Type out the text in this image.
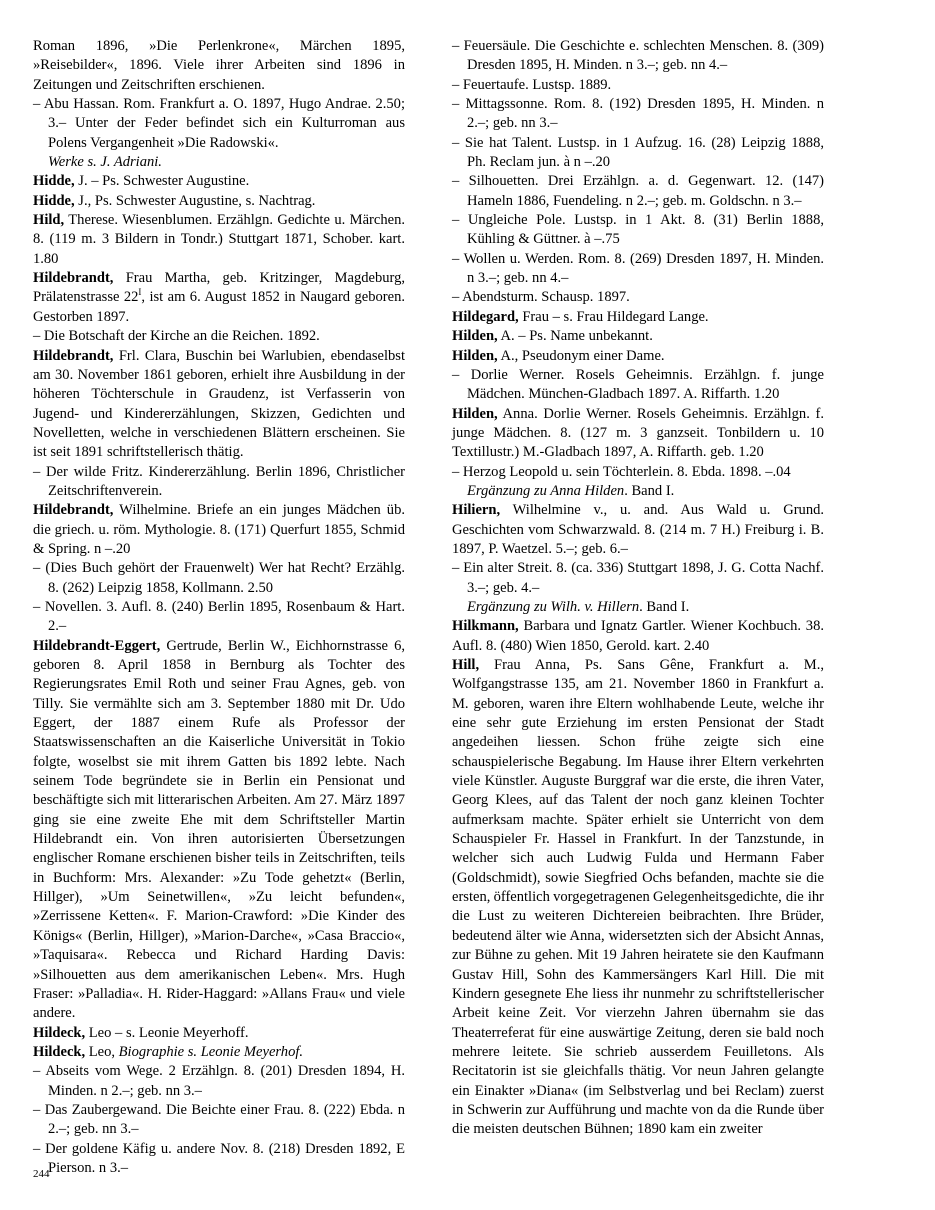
Roman 1896, »Die Perlenkrone«, Märchen 1895, »Reisebilder«, 1896. Viele ihrer Arbeiten sind 1896 in Zeitungen und Zeitschriften erschienen.

– Abu Hassan. Rom. Frankfurt a. O. 1897, Hugo Andrae. 2.50; 3.– Unter der Feder befindet sich ein Kulturroman aus Polens Vergangenheit »Die Radowski«.

Werke s. J. Adriani.

Hidde, J. – Ps. Schwester Augustine.

Hidde, J., Ps. Schwester Augustine, s. Nachtrag.

Hild, Therese. Wiesenblumen. Erzählgn. Gedichte u. Märchen. 8. (119 m. 3 Bildern in Tondr.) Stuttgart 1871, Schober. kart. 1.80

Hildebrandt, Frau Martha, geb. Kritzinger, Magdeburg, Prälatenstrasse $22^I$, ist am 6. August 1852 in Naugard geboren. Gestorben 1897.

– Die Botschaft der Kirche an die Reichen. 1892.

Hildebrandt, Frl. Clara, Buschin bei Warlubien, ebendaselbst am 30. November 1861 geboren, erhielt ihre Ausbildung in der höheren Töchterschule in Graudenz, ist Verfasserin von Jugend- und Kindererzählungen, Skizzen, Gedichten und Novelletten, welche in verschiedenen Blättern erscheinen. Sie ist seit 1891 schriftstellerisch thätig.

– Der wilde Fritz. Kindererzählung. Berlin 1896, Christlicher Zeitschriftenverein.

Hildebrandt, Wilhelmine. Briefe an ein junges Mädchen üb. die griech. u. röm. Mythologie. 8. (171) Querfurt 1855, Schmid & Spring. n –.20

– (Dies Buch gehört der Frauenwelt) Wer hat Recht? Erzählg. 8. (262) Leipzig 1858, Kollmann. 2.50

– Novellen. 3. Aufl. 8. (240) Berlin 1895, Rosenbaum & Hart. 2.–

Hildebrandt-Eggert, Gertrude, Berlin W., Eichhornstrasse 6, geboren 8. April 1858 in Bernburg als Tochter des Regierungsrates Emil Roth und seiner Frau Agnes, geb. von Tilly. Sie vermählte sich am 3. September 1880 mit Dr. Udo Eggert, der 1887 einem Rufe als Professor der Staatswissenschaften an die Kaiserliche Universität in Tokio folgte, woselbst sie mit ihrem Gatten bis 1892 lebte. Nach seinem Tode begründete sie in Berlin ein Pensionat und beschäftigte sich mit litterarischen Arbeiten. Am 27. März 1897 ging sie eine zweite Ehe mit dem Schriftsteller Martin Hildebrandt ein. Von ihren autorisierten Übersetzungen englischer Romane erschienen bisher teils in Zeitschriften, teils in Buchform: Mrs. Alexander: »Zu Tode gehetzt« (Berlin, Hillger), »Um Seinetwillen«, »Zu leicht befunden«, »Zerrissene Ketten«. F. Marion-Crawford: »Die Kinder des Königs« (Berlin, Hillger), »Marion-Darche«, »Casa Braccio«, »Taquisara«. Rebecca und Richard Harding Davis: »Silhouetten aus dem amerikanischen Leben«. Mrs. Hugh Fraser: »Palladia«. H. Rider-Haggard: »Allans Frau« und viele andere.

Hildeck, Leo – s. Leonie Meyerhoff.

Hildeck, Leo, Biographie s. Leonie Meyerhof.

– Abseits vom Wege. 2 Erzählgn. 8. (201) Dresden 1894, H. Minden. n 2.–; geb. nn 3.–

– Das Zaubergewand. Die Beichte einer Frau. 8. (222) Ebda. n 2.–; geb. nn 3.–

– Der goldene Käfig u. andere Nov. 8. (218) Dresden 1892, E Pierson. n 3.–

– Feuersäule. Die Geschichte e. schlechten Menschen. 8. (309) Dresden 1895, H. Minden. n 3.–; geb. nn 4.–

– Feuertaufe. Lustsp. 1889.

– Mittagssonne. Rom. 8. (192) Dresden 1895, H. Minden. n 2.–; geb. nn 3.–

– Sie hat Talent. Lustsp. in 1 Aufzug. 16. (28) Leipzig 1888, Ph. Reclam jun. à n –.20

– Silhouetten. Drei Erzählgn. a. d. Gegenwart. 12. (147) Hameln 1886, Fuendeling. n 2.–; geb. m. Goldschn. n 3.–

– Ungleiche Pole. Lustsp. in 1 Akt. 8. (31) Berlin 1888, Kühling & Güttner. à –.75

– Wollen u. Werden. Rom. 8. (269) Dresden 1897, H. Minden. n 3.–; geb. nn 4.–

– Abendsturm. Schausp. 1897.

Hildegard, Frau – s. Frau Hildegard Lange.

Hilden, A. – Ps. Name unbekannt.

Hilden, A., Pseudonym einer Dame.

– Dorlie Werner. Rosels Geheimnis. Erzählgn. f. junge Mädchen. München-Gladbach 1897. A. Riffarth. 1.20

Hilden, Anna. Dorlie Werner. Rosels Geheimnis. Erzählgn. f. junge Mädchen. 8. (127 m. 3 ganzseit. Tonbildern u. 10 Textillustr.) M.-Gladbach 1897, A. Riffarth. geb. 1.20

– Herzog Leopold u. sein Töchterlein. 8. Ebda. 1898. –.04

Ergänzung zu Anna Hilden. Band I.

Hiliern, Wilhelmine v., u. and. Aus Wald u. Grund. Geschichten vom Schwarzwald. 8. (214 m. 7 H.) Freiburg i. B. 1897, P. Waetzel. 5.–; geb. 6.–

– Ein alter Streit. 8. (ca. 336) Stuttgart 1898, J. G. Cotta Nachf. 3.–; geb. 4.–

Ergänzung zu Wilh. v. Hillern. Band I.

Hilkmann, Barbara und Ignatz Gartler. Wiener Kochbuch. 38. Aufl. 8. (480) Wien 1850, Gerold. kart. 2.40

Hill, Frau Anna, Ps. Sans Gêne, Frankfurt a. M., Wolfgangstrasse 135, am 21. November 1860 in Frankfurt a. M. geboren, waren ihre Eltern wohlhabende Leute, welche ihr eine sehr gute Erziehung im ersten Pensionat der Stadt angedeihen liessen. Schon frühe zeigte sich eine schauspielerische Begabung. Im Hause ihrer Eltern verkehrten viele Künstler. Auguste Burggraf war die erste, die ihren Vater, Georg Klees, auf das Talent der noch ganz kleinen Tochter aufmerksam machte. Später erhielt sie Unterricht von dem Schauspieler Fr. Hassel in Frankfurt. In der Tanzstunde, in welcher sich auch Ludwig Fulda und Hermann Faber (Goldschmidt), sowie Siegfried Ochs befanden, machte sie die ersten, öffentlich vorgegetragenen Gelegenheitsgedichte, die ihr die Lust zu weiteren Dichtereien beibrachten. Ihre Brüder, bedeutend älter wie Anna, widersetzten sich der Absicht Annas, zur Bühne zu gehen. Mit 19 Jahren heiratete sie den Kaufmann Gustav Hill, Sohn des Kammersängers Karl Hill. Die mit Kindern gesegnete Ehe liess ihr nunmehr zu schriftstellerischer Arbeit keine Zeit. Vor vierzehn Jahren übernahm sie das Theaterreferat für eine auswärtige Zeitung, deren sie bald noch mehrere leitete. Sie schrieb ausserdem Feuilletons. Als Recitatorin ist sie gleichfalls thätig. Vor neun Jahren gelangte ein Einakter »Diana« (im Selbstverlag und bei Reclam) zuerst in Schwerin zur Aufführung und machte von da die Runde über die meisten deutschen Bühnen; 1890 kam ein zweiter

244
